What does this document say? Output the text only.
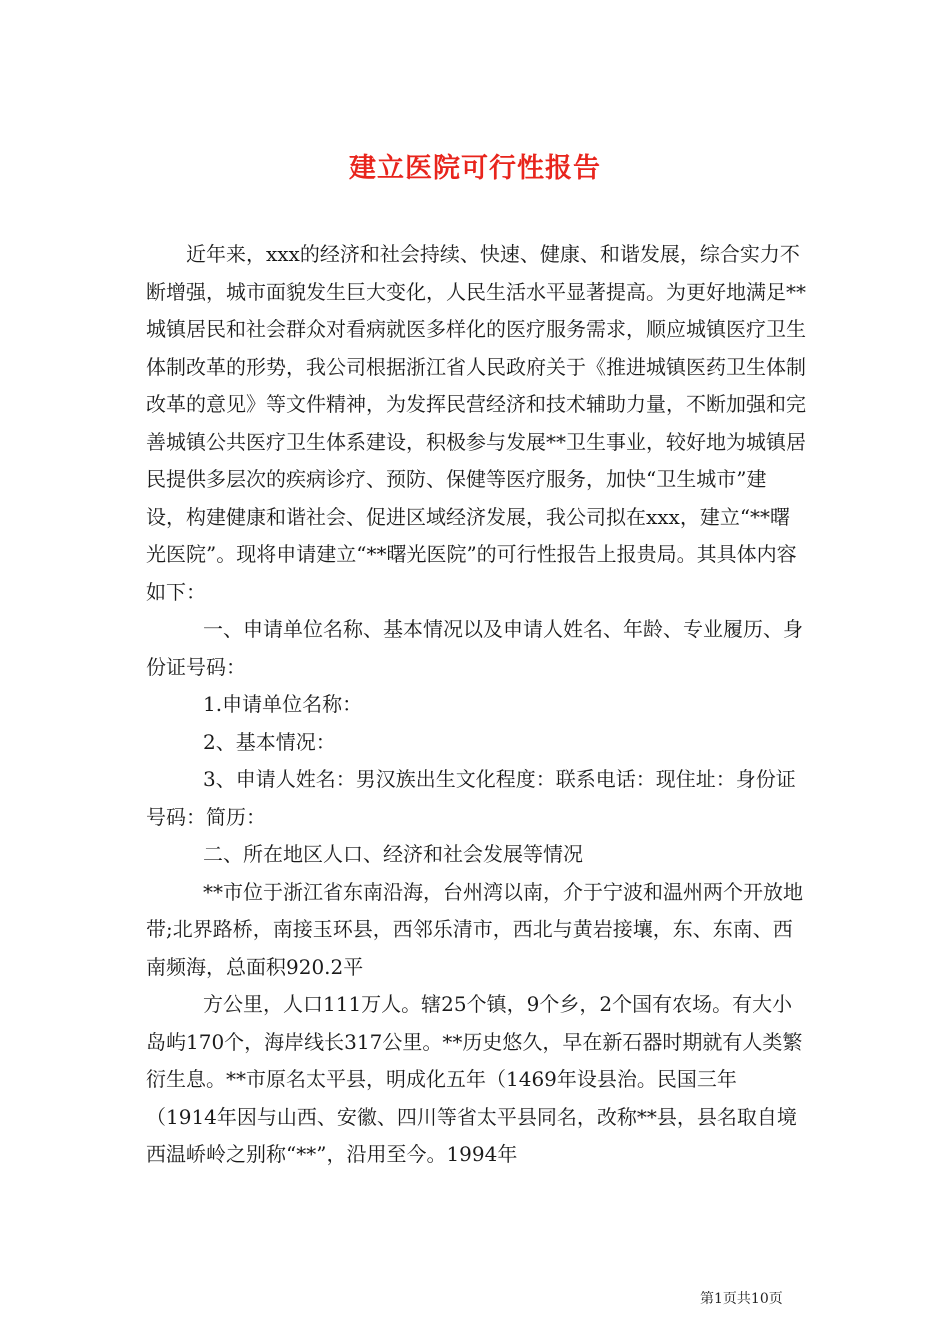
建立医院可行性报告

近年来，xxx的经济和社会持续、快速、健康、和谐发展，综合实力不断增强，城市面貌发生巨大变化，人民生活水平显著提高。为更好地满足**城镇居民和社会群众对看病就医多样化的医疗服务需求，顺应城镇医疗卫生体制改革的形势，我公司根据浙江省人民政府关于《推进城镇医药卫生体制改革的意见》等文件精神，为发挥民营经济和技术辅助力量，不断加强和完善城镇公共医疗卫生体系建设，积极参与发展**卫生事业，较好地为城镇居民提供多层次的疾病诊疗、预防、保健等医疗服务，加快“卫生城市”建设，构建健康和谐社会、促进区域经济发展，我公司拟在xxx，建立“**曙光医院”。现将申请建立“**曙光医院”的可行性报告上报贵局。其具体内容如下：

一、申请单位名称、基本情况以及申请人姓名、年龄、专业履历、身份证号码：

1.申请单位名称：

2、基本情况：

3、申请人姓名：男汉族出生文化程度：联系电话：现住址：身份证号码：简历：

二、所在地区人口、经济和社会发展等情况

**市位于浙江省东南沿海，台州湾以南，介于宁波和温州两个开放地带;北界路桥，南接玉环县，西邻乐清市，西北与黄岩接壤，东、东南、西南频海，总面积920.2平

方公里，人口111万人。辖25个镇，9个乡，2个国有农场。有大小岛屿170个，海岸线长317公里。**历史悠久，早在新石器时期就有人类繁衍生息。**市原名太平县，明成化五年（1469年设县治。民国三年（1914年因与山西、安徽、四川等省太平县同名，改称**县，县名取自境西温峤岭之别称“**”，沿用至今。1994年

第1页共10页
